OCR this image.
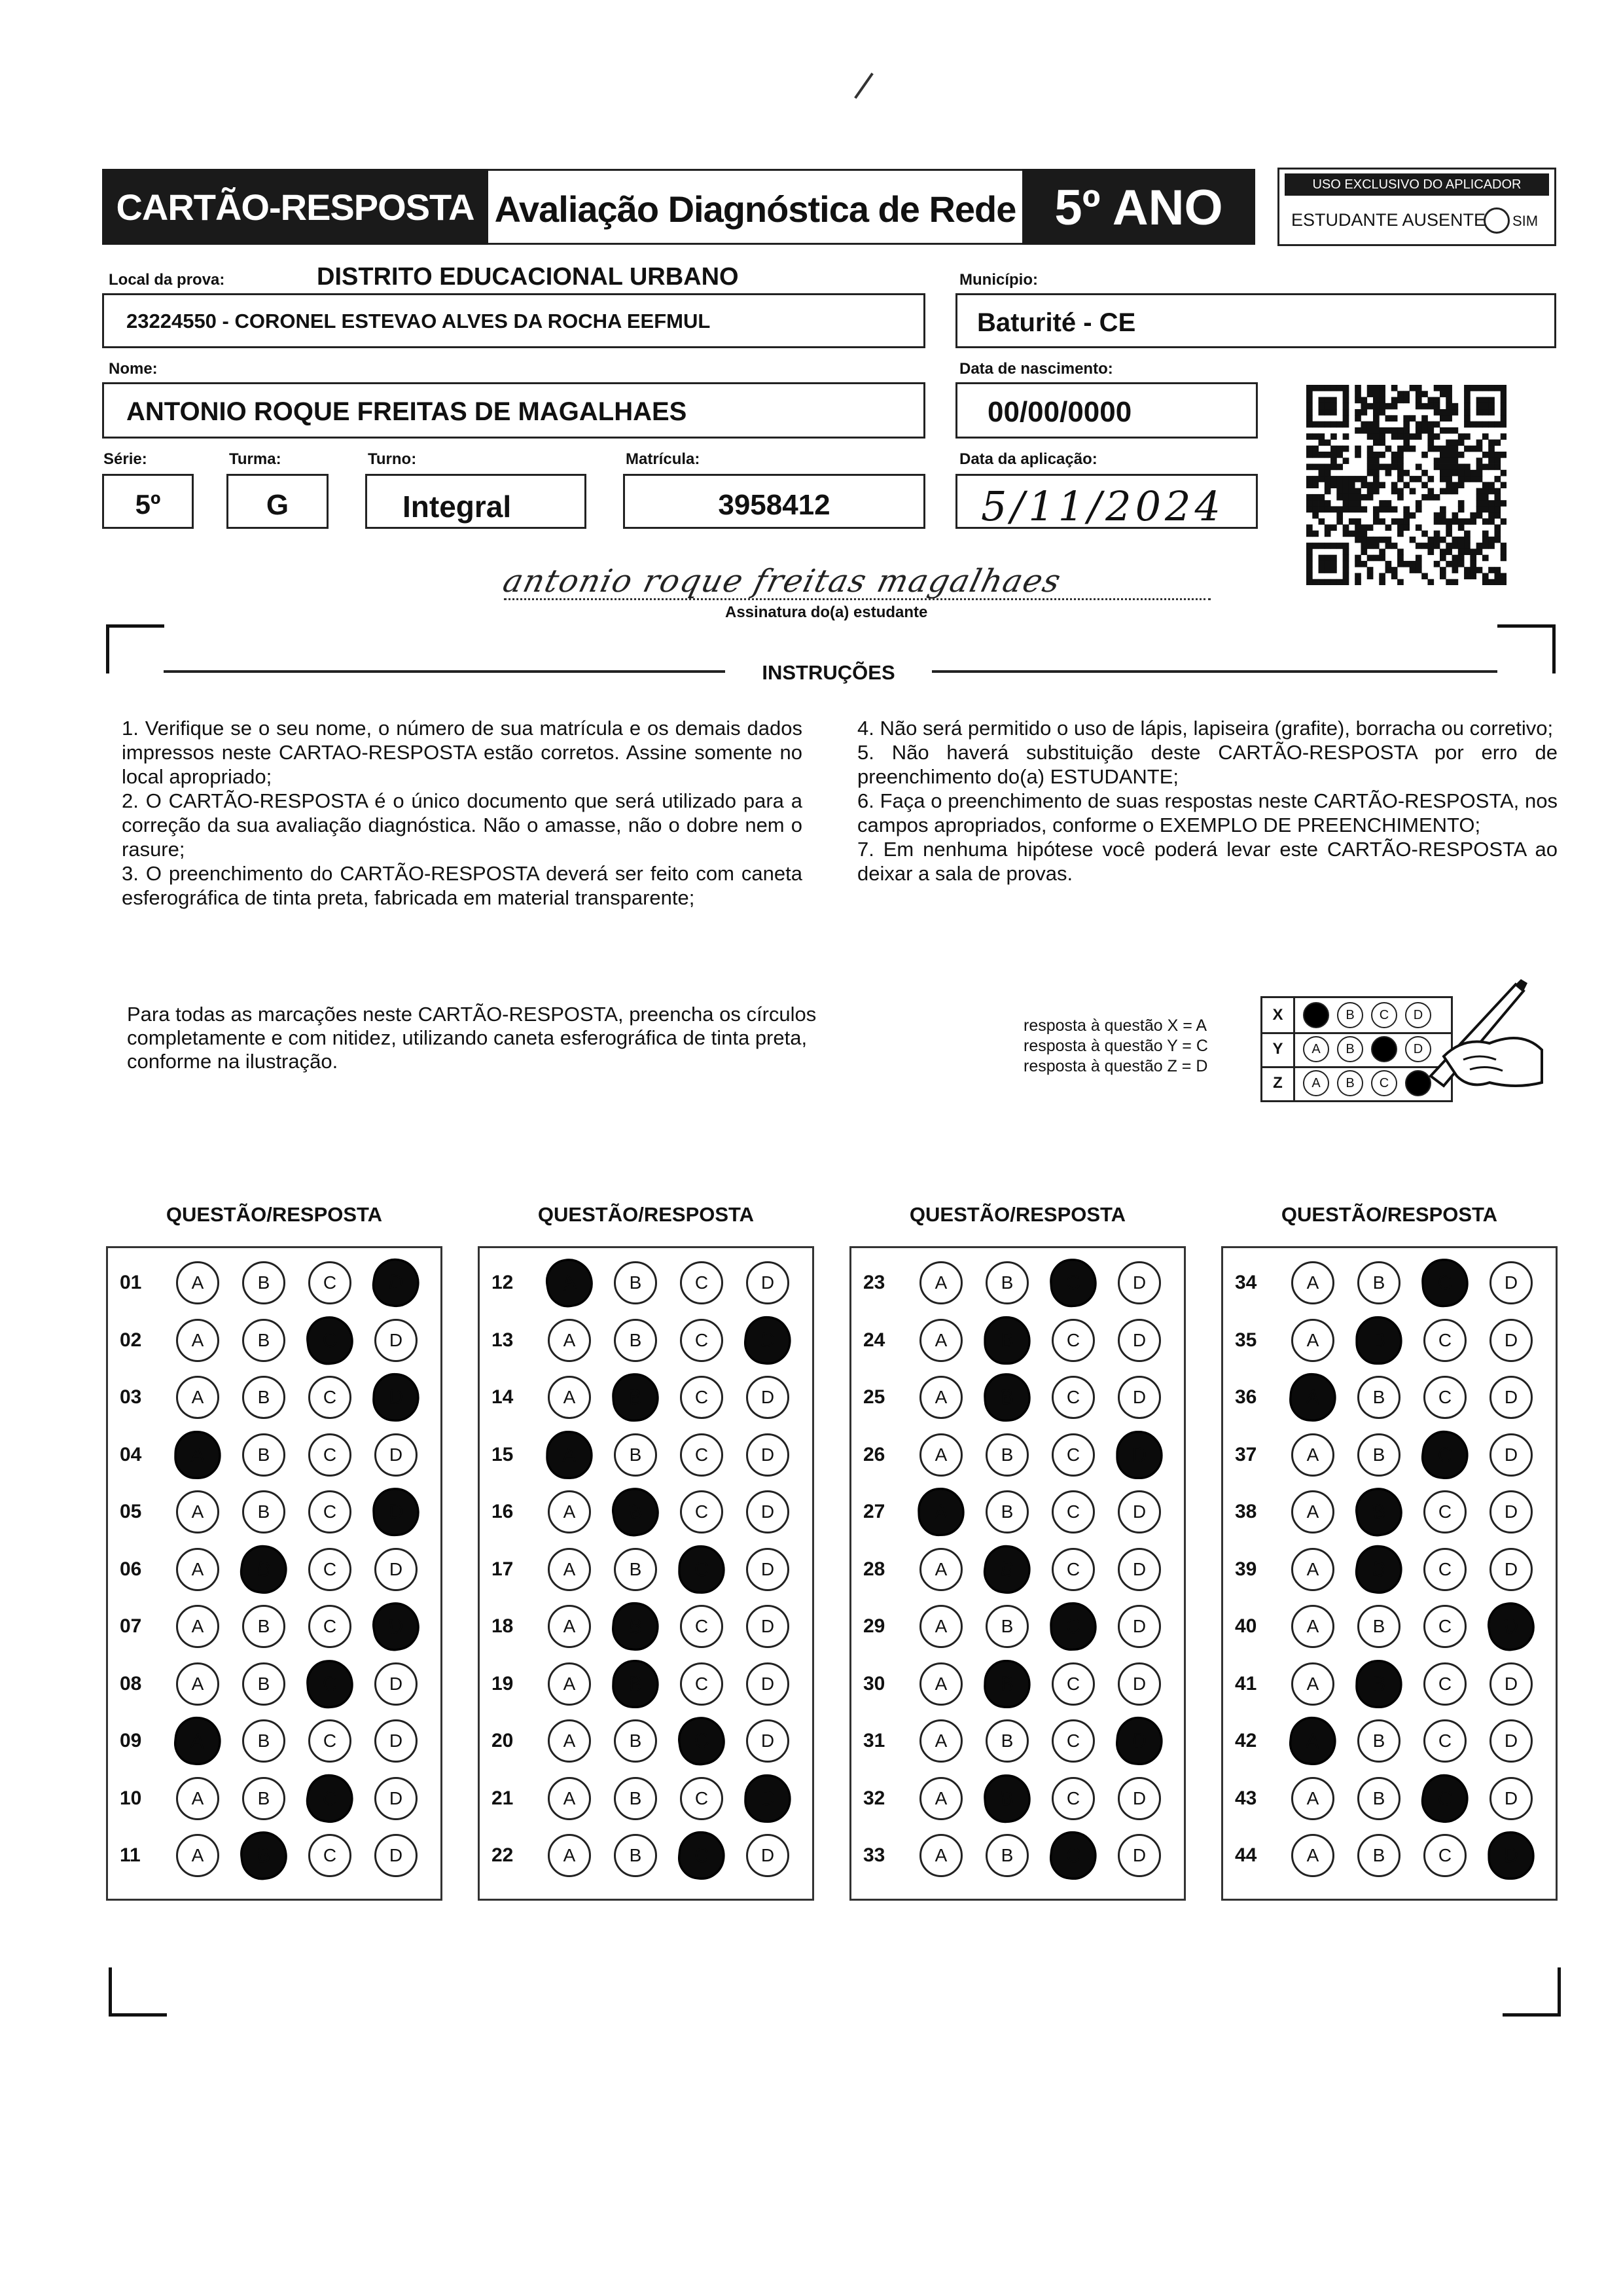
CARTÃO-RESPOSTA Avaliação Diagnóstica de Rede 5º ANO	USO EXCLUSIVO DO APLICADOR
ESTUDANTE AUSENTE SIM
Local da prova:	DISTRITO EDUCACIONAL URBANO
23224550 - CORONEL ESTEVAO ALVES DA ROCHA EEFMUL
Município:
Baturité - CE
Nome:
ANTONIO ROQUE FREITAS DE MAGALHAES
Data de nascimento:
00/00/0000
Série:
5º
Turma:
G
Turno:
Integral
Matrícula:
3958412
Data da aplicação:
5/11/2024
antonio roque freitas magalhaes
Assinatura do(a) estudante
INSTRUÇÕES

1. Verifique se o seu nome, o número de sua matrícula e os demais dados impressos neste CARTAO-RESPOSTA estão corretos. Assine somente no local apropriado;

2. O CARTÃO-RESPOSTA é o único documento que será utilizado para a correção da sua avaliação diagnóstica. Não o amasse, não o dobre nem o rasure;

3. O preenchimento do CARTÃO-RESPOSTA deverá ser feito com caneta esferográfica de tinta preta, fabricada em material transparente;

4. Não será permitido o uso de lápis, lapiseira (grafite), borracha ou corretivo;

5. Não haverá substituição deste CARTÃO-RESPOSTA por erro de preenchimento do(a) ESTUDANTE;

6. Faça o preenchimento de suas respostas neste CARTÃO-RESPOSTA, nos campos apropriados, conforme o EXEMPLO DE PREENCHIMENTO;

7. Em nenhuma hipótese você poderá levar este CARTÃO-RESPOSTA ao deixar a sala de provas.

Para todas as marcações neste CARTÃO-RESPOSTA, preencha os círculos completamente e com nitidez, utilizando caneta esferográfica de tinta preta, conforme na ilustração.
resposta à questão X = A
resposta à questão Y = C
resposta à questão Z = D
X	A	B	C	D
Y	A	B	C	D
Z	A	B	C	D
QUESTÃO/RESPOSTA
01	A	B	C	D
02	A	B	C	D
03	A	B	C	D
04	A	B	C	D
05	A	B	C	D
06	A	B	C	D
07	A	B	C	D
08	A	B	C	D
09	A	B	C	D
10	A	B	C	D
11	A	B	C	D
QUESTÃO/RESPOSTA
12	A	B	C	D
13	A	B	C	D
14	A	B	C	D
15	A	B	C	D
16	A	B	C	D
17	A	B	C	D
18	A	B	C	D
19	A	B	C	D
20	A	B	C	D
21	A	B	C	D
22	A	B	C	D
QUESTÃO/RESPOSTA
23	A	B	C	D
24	A	B	C	D
25	A	B	C	D
26	A	B	C	D
27	A	B	C	D
28	A	B	C	D
29	A	B	C	D
30	A	B	C	D
31	A	B	C	D
32	A	B	C	D
33	A	B	C	D
QUESTÃO/RESPOSTA
34	A	B	C	D
35	A	B	C	D
36	A	B	C	D
37	A	B	C	D
38	A	B	C	D
39	A	B	C	D
40	A	B	C	D
41	A	B	C	D
42	A	B	C	D
43	A	B	C	D
44	A	B	C	D
